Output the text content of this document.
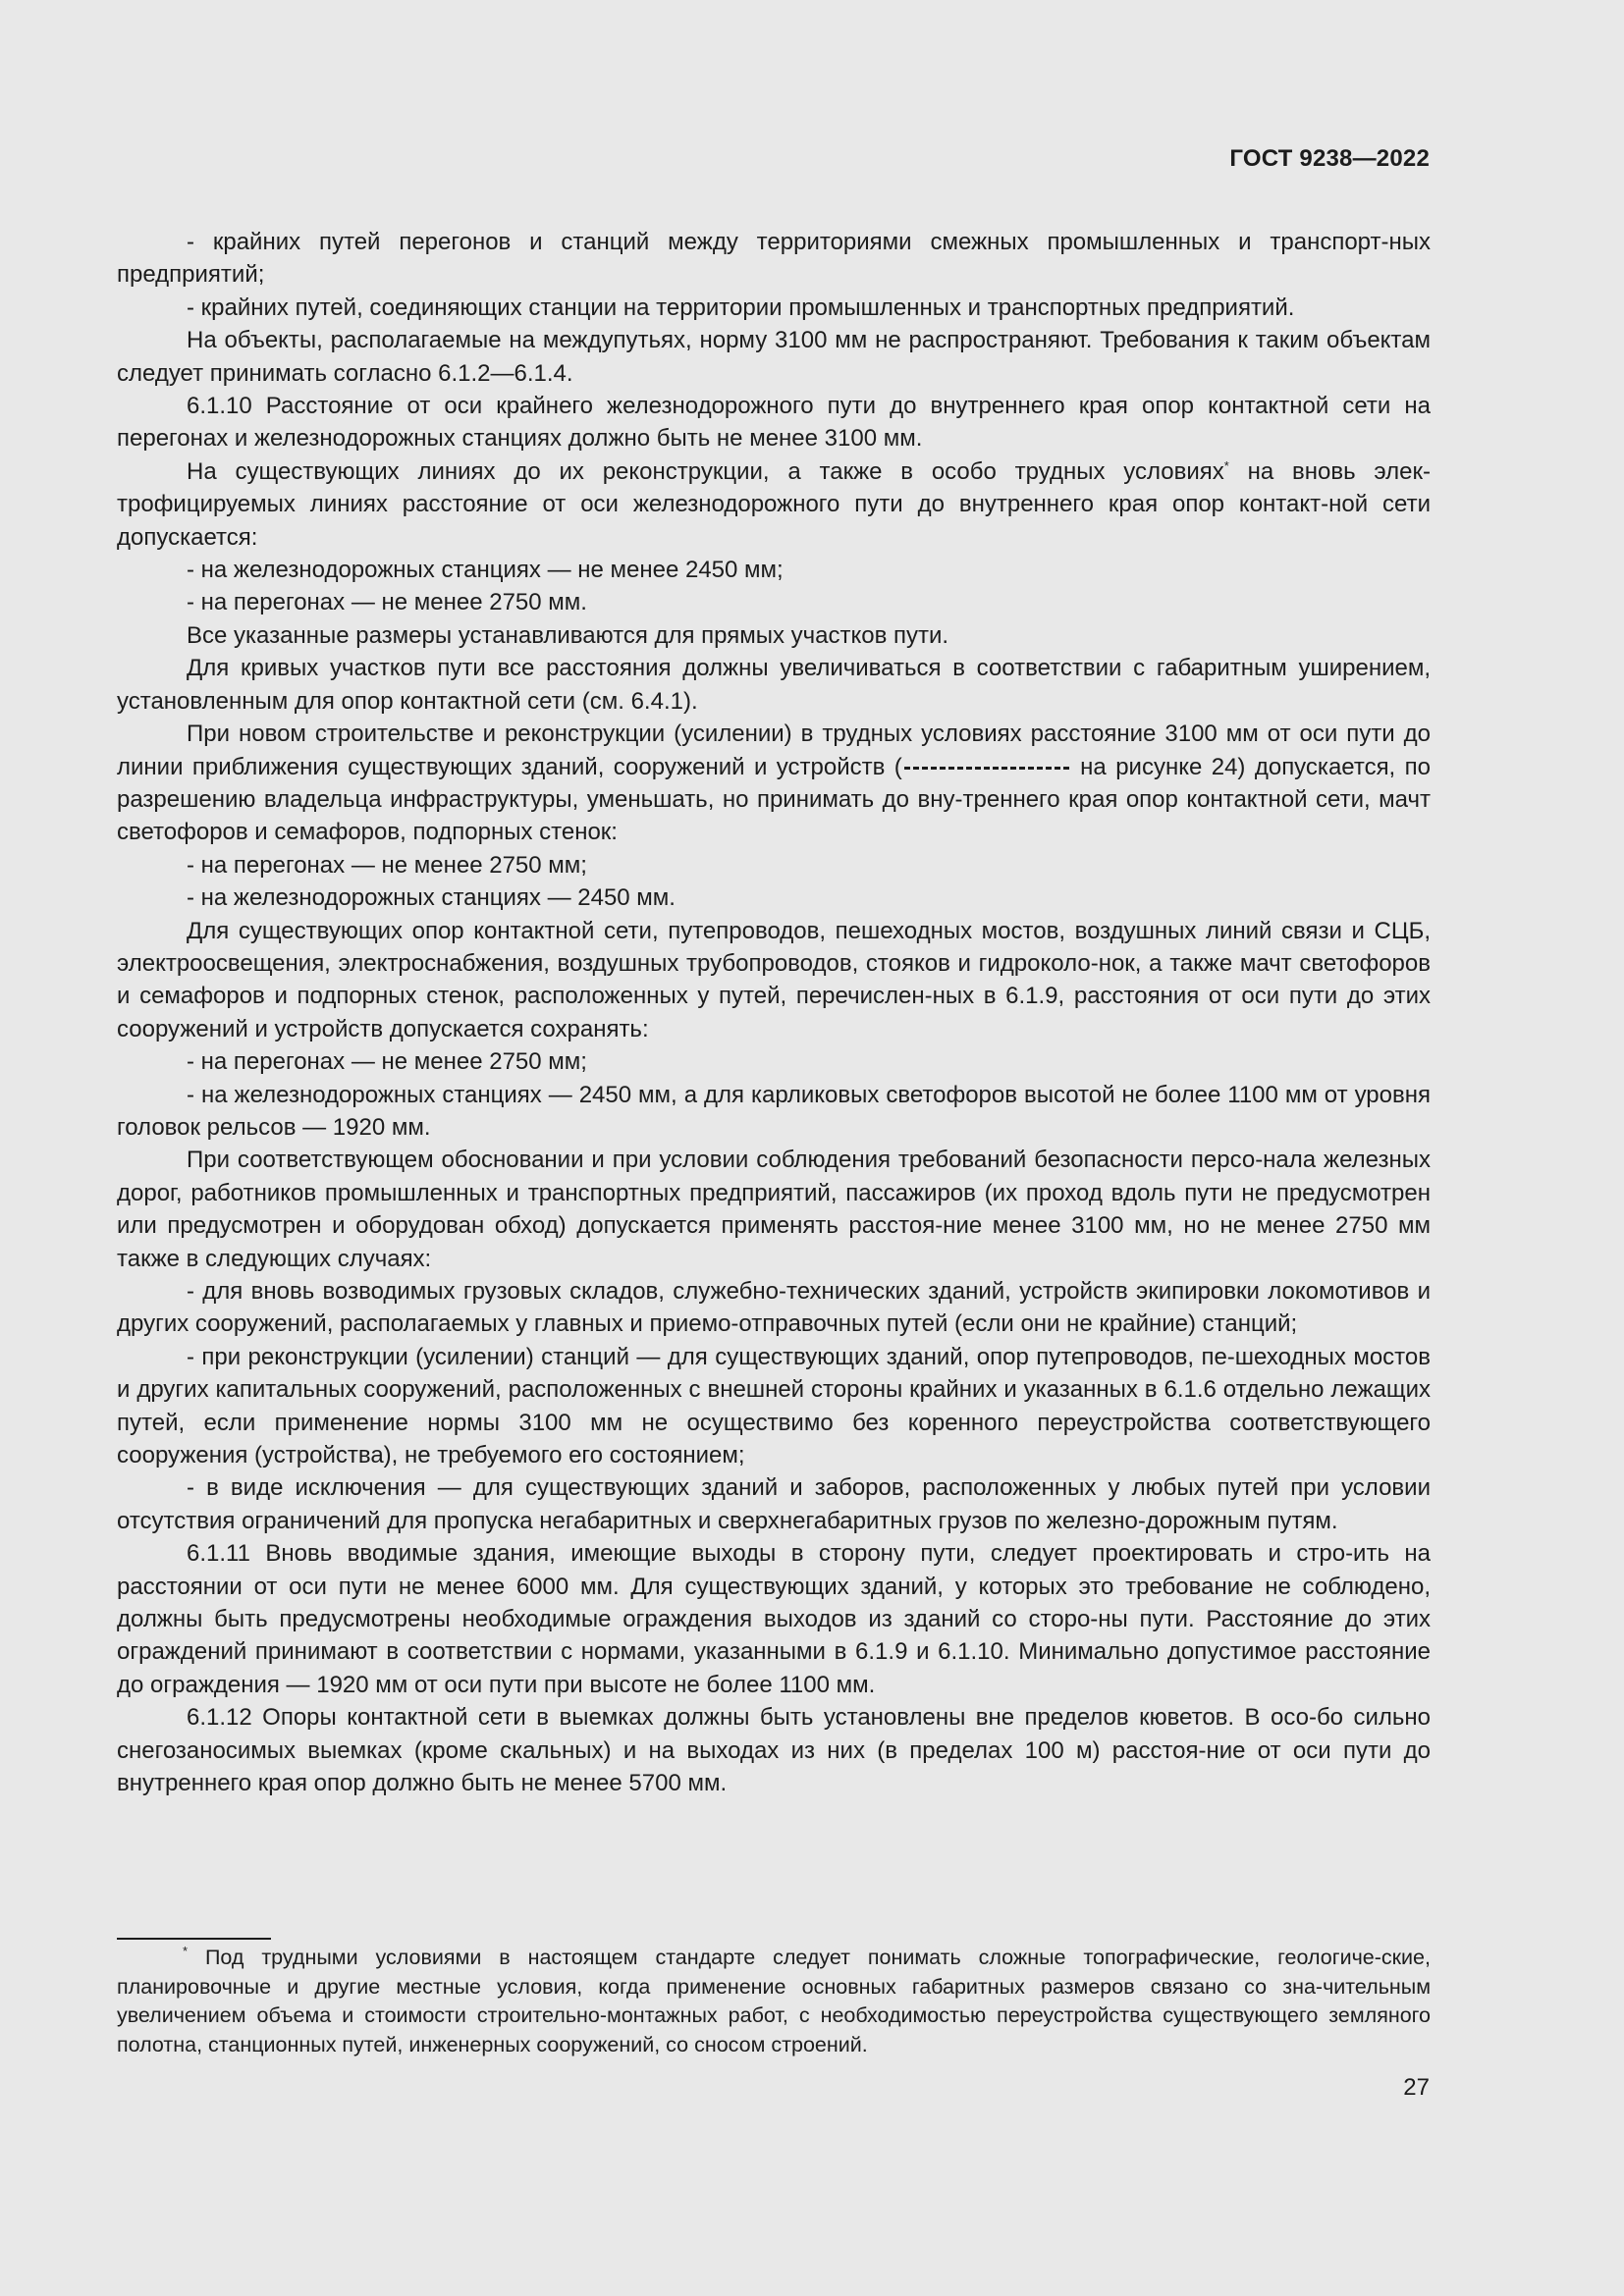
ГОСТ 9238—2022

- крайних путей перегонов и станций между территориями смежных промышленных и транспорт-ных предприятий;

- крайних путей, соединяющих станции на территории промышленных и транспортных предприятий.

На объекты, располагаемые на междупутьях, норму 3100 мм не распространяют. Требования к таким объектам следует принимать согласно 6.1.2—6.1.4.

6.1.10 Расстояние от оси крайнего железнодорожного пути до внутреннего края опор контактной сети на перегонах и железнодорожных станциях должно быть не менее 3100 мм.

На существующих линиях до их реконструкции, а также в особо трудных условиях* на вновь элек-трофицируемых линиях расстояние от оси железнодорожного пути до внутреннего края опор контакт-ной сети допускается:

- на железнодорожных станциях — не менее 2450 мм;

- на перегонах — не менее 2750 мм.

Все указанные размеры устанавливаются для прямых участков пути.

Для кривых участков пути все расстояния должны увеличиваться в соответствии с габаритным уширением, установленным для опор контактной сети (см. 6.4.1).

При новом строительстве и реконструкции (усилении) в трудных условиях расстояние 3100 мм от оси пути до линии приближения существующих зданий, сооружений и устройств (	на рисунке 24) допускается, по разрешению владельца инфраструктуры, уменьшать, но принимать до вну-треннего края опор контактной сети, мачт светофоров и семафоров, подпорных стенок:

- на перегонах — не менее 2750 мм;

- на железнодорожных станциях — 2450 мм.

Для существующих опор контактной сети, путепроводов, пешеходных мостов, воздушных линий связи и СЦБ, электроосвещения, электроснабжения, воздушных трубопроводов, стояков и гидроколо-нок, а также мачт светофоров и семафоров и подпорных стенок, расположенных у путей, перечислен-ных в 6.1.9, расстояния от оси пути до этих сооружений и устройств допускается сохранять:

- на перегонах — не менее 2750 мм;

- на железнодорожных станциях — 2450 мм, а для карликовых светофоров высотой не более 1100 мм от уровня головок рельсов — 1920 мм.

При соответствующем обосновании и при условии соблюдения требований безопасности персо-нала железных дорог, работников промышленных и транспортных предприятий, пассажиров (их проход вдоль пути не предусмотрен или предусмотрен и оборудован обход) допускается применять расстоя-ние менее 3100 мм, но не менее 2750 мм также в следующих случаях:

- для вновь возводимых грузовых складов, служебно-технических зданий, устройств экипировки локомотивов и других сооружений, располагаемых у главных и приемо-отправочных путей (если они не крайние) станций;

- при реконструкции (усилении) станций — для существующих зданий, опор путепроводов, пе-шеходных мостов и других капитальных сооружений, расположенных с внешней стороны крайних и указанных в 6.1.6 отдельно лежащих путей, если применение нормы 3100 мм не осуществимо без коренного переустройства соответствующего сооружения (устройства), не требуемого его состоянием;

- в виде исключения — для существующих зданий и заборов, расположенных у любых путей при условии отсутствия ограничений для пропуска негабаритных и сверхнегабаритных грузов по железно-дорожным путям.

6.1.11 Вновь вводимые здания, имеющие выходы в сторону пути, следует проектировать и стро-ить на расстоянии от оси пути не менее 6000 мм. Для существующих зданий, у которых это требование не соблюдено, должны быть предусмотрены необходимые ограждения выходов из зданий со сторо-ны пути. Расстояние до этих ограждений принимают в соответствии с нормами, указанными в 6.1.9 и 6.1.10. Минимально допустимое расстояние до ограждения — 1920 мм от оси пути при высоте не более 1100 мм.

6.1.12 Опоры контактной сети в выемках должны быть установлены вне пределов кюветов. В осо-бо сильно снегозаносимых выемках (кроме скальных) и на выходах из них (в пределах 100 м) расстоя-ние от оси пути до внутреннего края опор должно быть не менее 5700 мм.

* Под трудными условиями в настоящем стандарте следует понимать сложные топографические, геологиче-ские, планировочные и другие местные условия, когда применение основных габаритных размеров связано со зна-чительным увеличением объема и стоимости строительно-монтажных работ, с необходимостью переустройства существующего земляного полотна, станционных путей, инженерных сооружений, со сносом строений.

27
